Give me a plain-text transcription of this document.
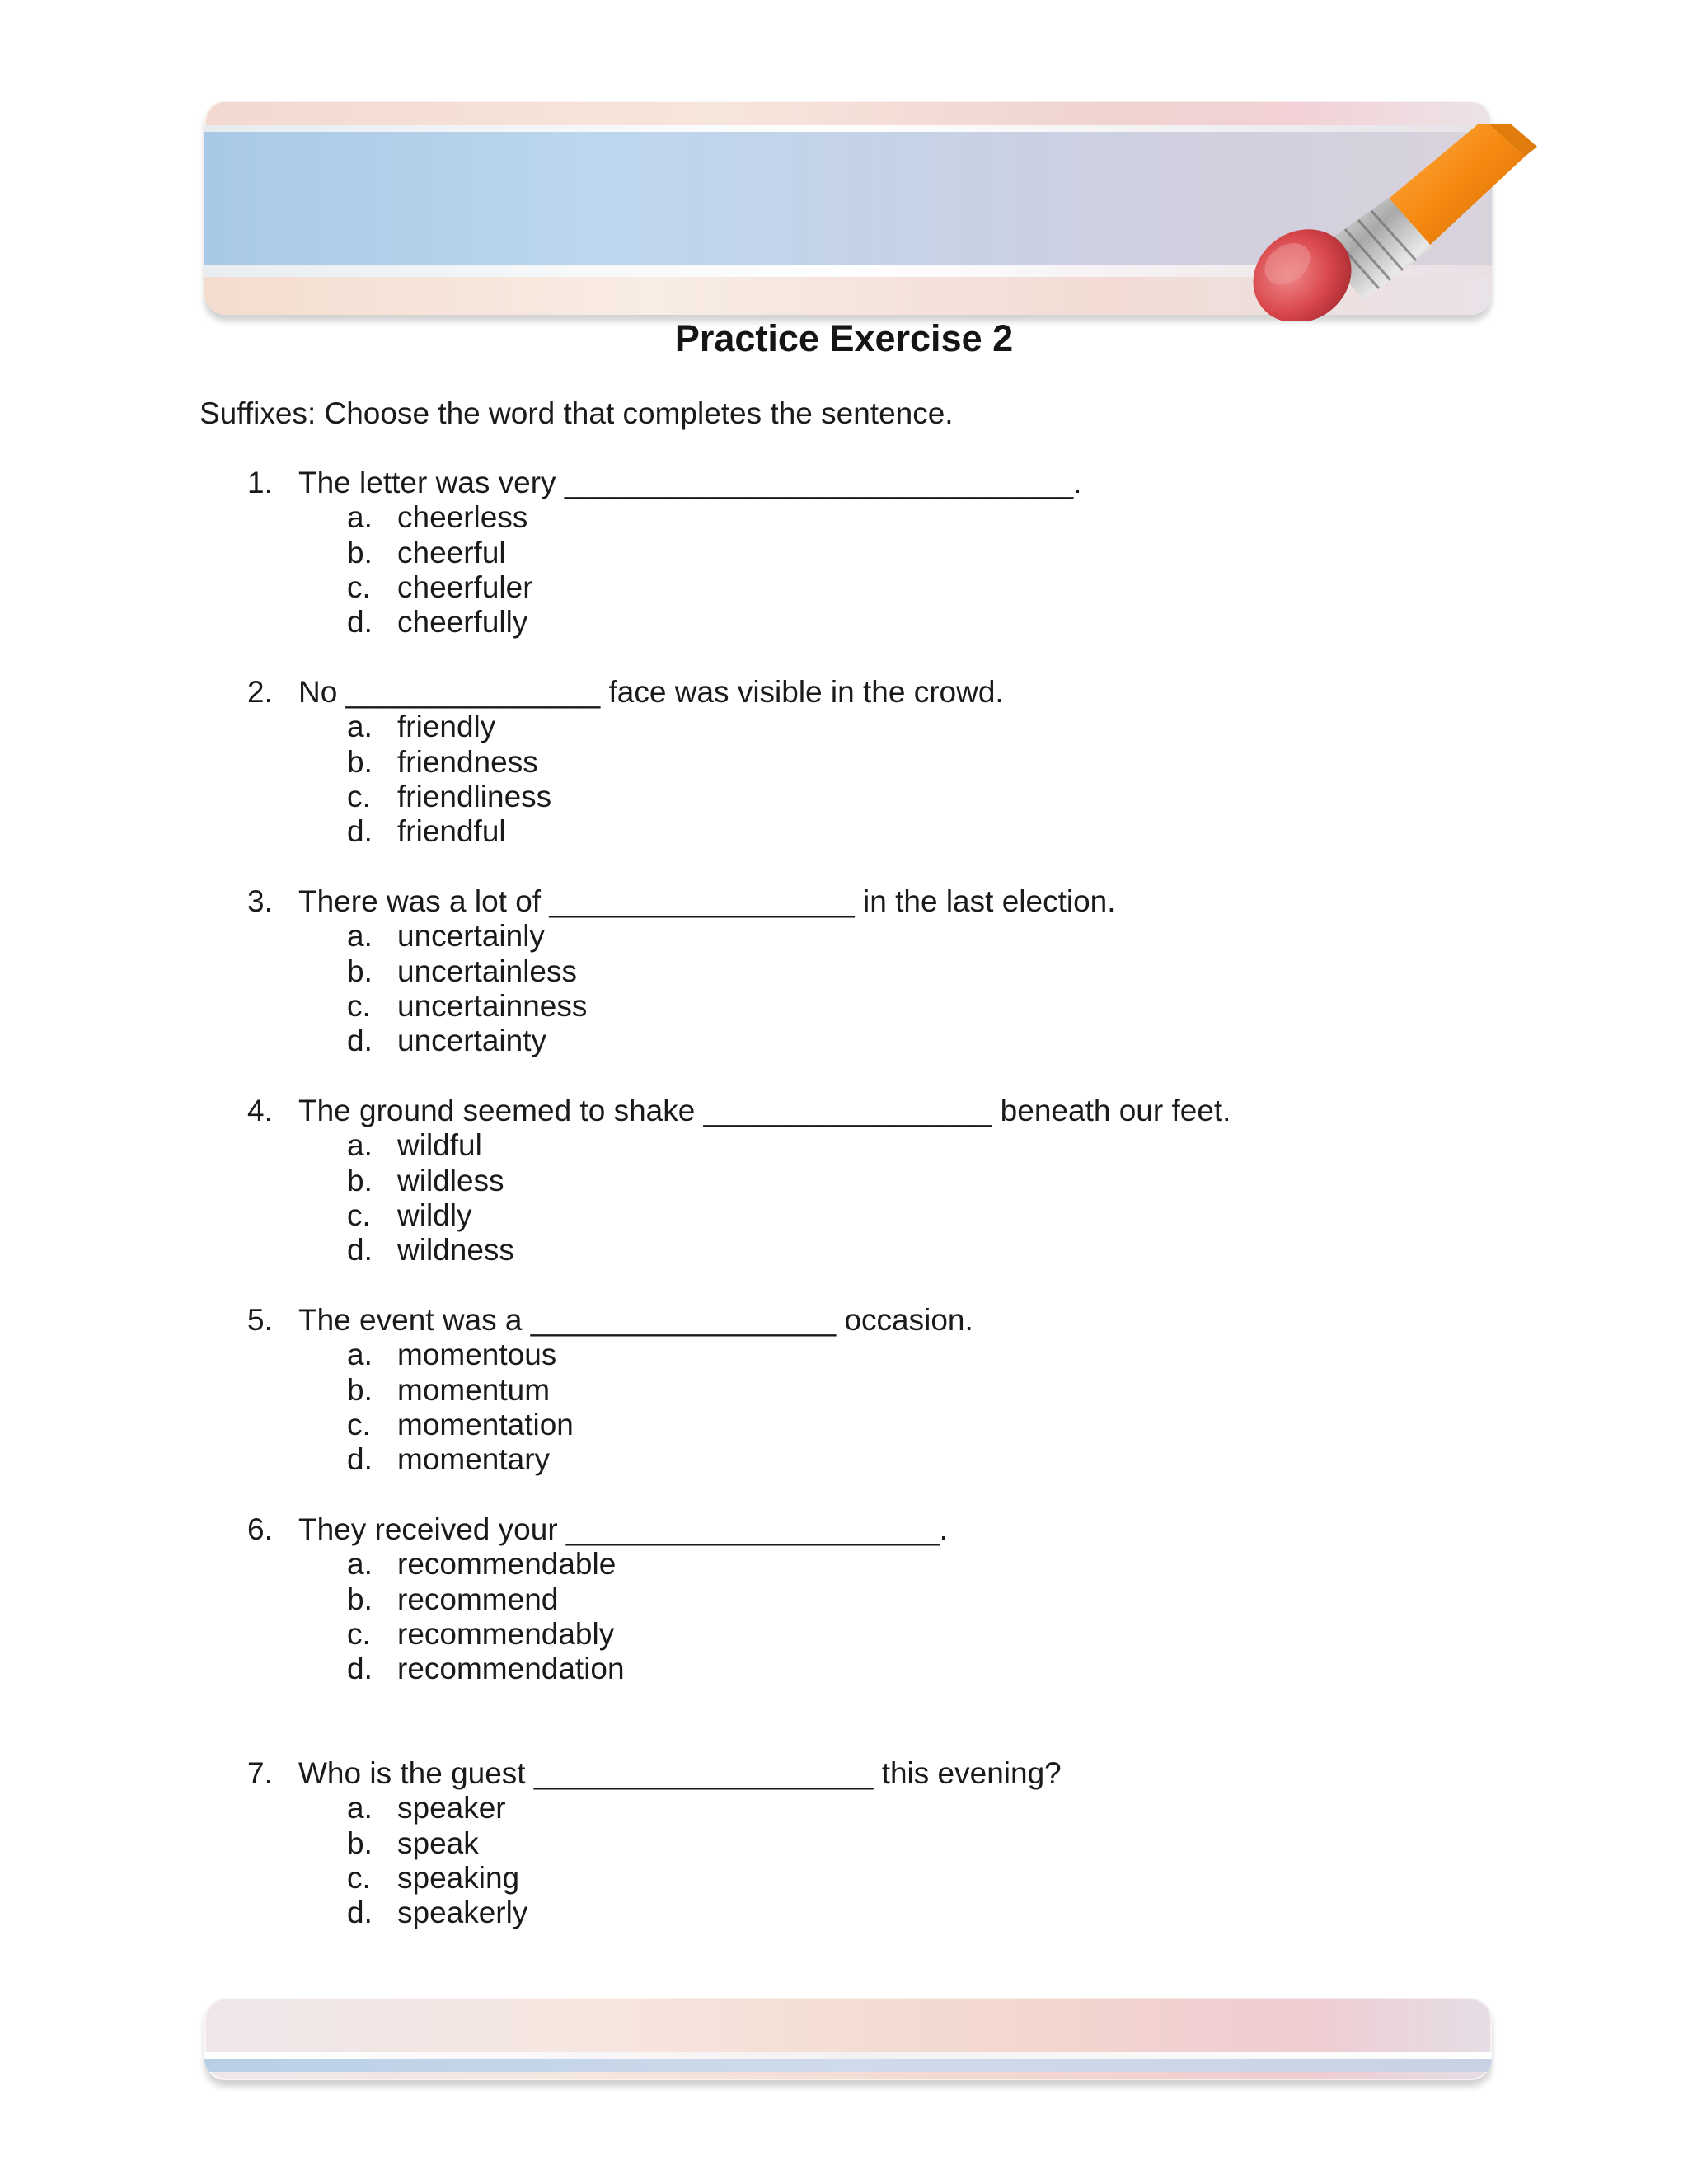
Practice Exercise 2
Suffixes: Choose the word that completes the sentence.
1. The letter was very ______________________________.
a. cheerless
b. cheerful
c. cheerfuler
d. cheerfully
2. No _______________ face was visible in the crowd.
a. friendly
b. friendness
c. friendliness
d. friendful
3. There was a lot of __________________ in the last election.
a. uncertainly
b. uncertainless
c. uncertainness
d. uncertainty
4. The ground seemed to shake _________________ beneath our feet.
a. wildful
b. wildless
c. wildly
d. wildness
5. The event was a __________________ occasion.
a. momentous
b. momentum
c. momentation
d. momentary
6. They received your ______________________.
a. recommendable
b. recommend
c. recommendably
d. recommendation
7. Who is the guest ____________________ this evening?
a. speaker
b. speak
c. speaking
d. speakerly
